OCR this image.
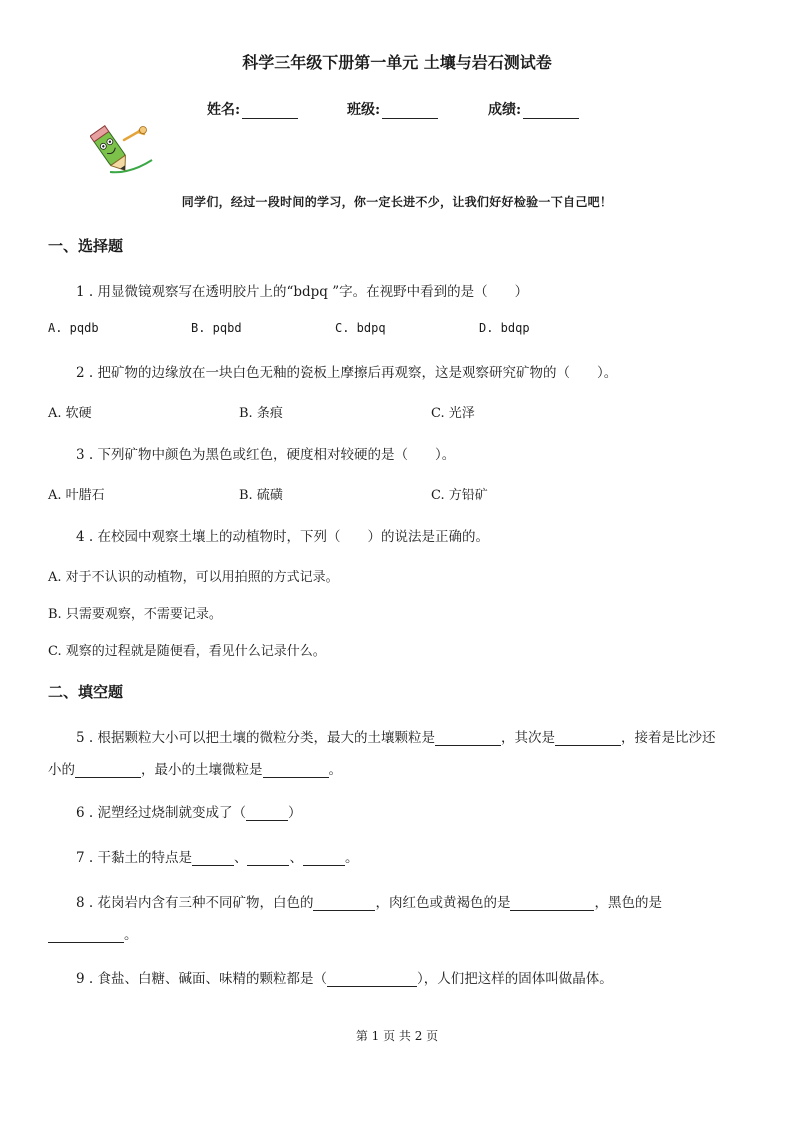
科学三年级下册第一单元 土壤与岩石测试卷
姓名:	班级:	成绩:
同学们，经过一段时间的学习，你一定长进不少，让我们好好检验一下自己吧！
一、选择题
1 . 用显微镜观察写在透明胶片上的“bdpq ”字。在视野中看到的是（　　）
A. pqdb	B. pqbd	C. bdpq	D. bdqp
2 . 把矿物的边缘放在一块白色无釉的瓷板上摩擦后再观察，这是观察研究矿物的（　　）。
A. 软硬	B. 条痕	C. 光泽
3 . 下列矿物中颜色为黑色或红色，硬度相对较硬的是（　　）。
A. 叶腊石	B. 硫磺	C. 方铅矿
4 . 在校园中观察土壤上的动植物时，下列（　　）的说法是正确的。
A. 对于不认识的动植物，可以用拍照的方式记录。
B. 只需要观察，不需要记录。
C. 观察的过程就是随便看，看见什么记录什么。
二、填空题
5 . 根据颗粒大小可以把土壤的微粒分类，最大的土壤颗粒是	，其次是	，接着是比沙还
小的	，最小的土壤微粒是	。
6 . 泥塑经过烧制就变成了（	）
7 . 干黏土的特点是	、	、	。
8 . 花岗岩内含有三种不同矿物，白色的	，肉红色或黄褐色的是	，黑色的是
。
9 . 食盐、白糖、碱面、味精的颗粒都是（	），人们把这样的固体叫做晶体。
第 1 页 共 2 页
